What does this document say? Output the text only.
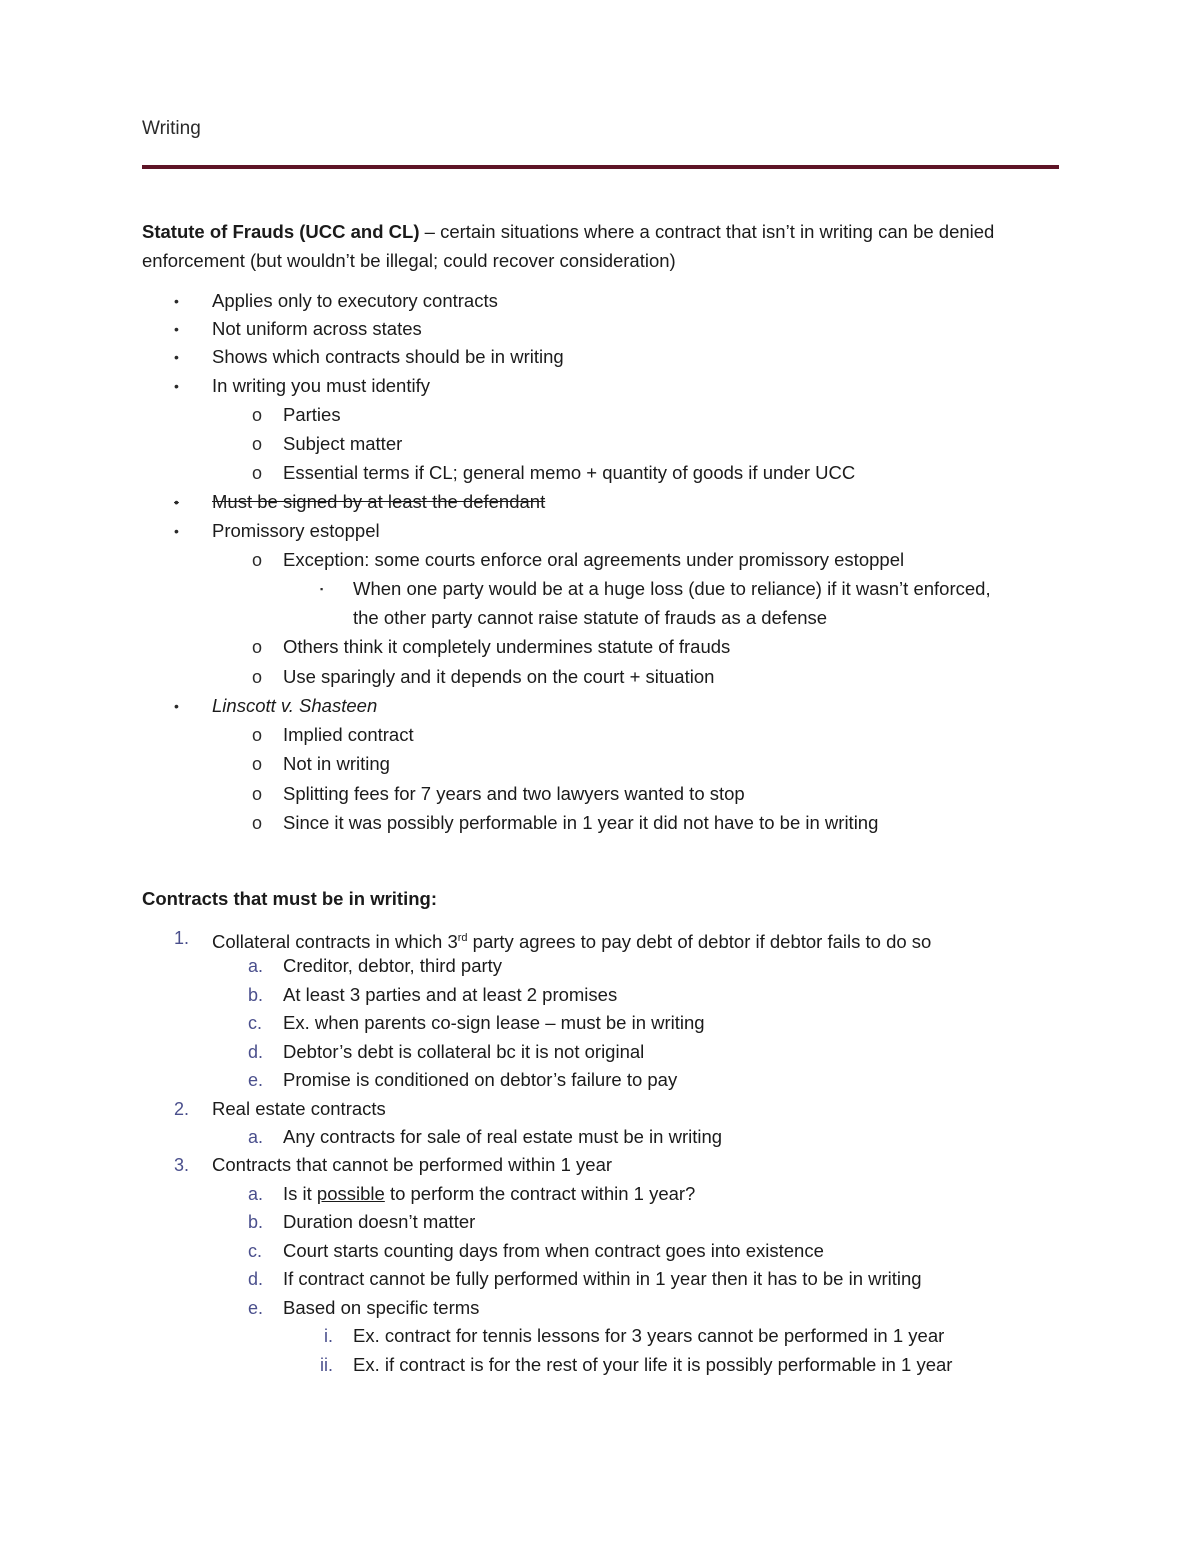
Writing
Statute of Frauds (UCC and CL) – certain situations where a contract that isn’t in writing can be denied
enforcement (but wouldn’t be illegal; could recover consideration)
• Applies only to executory contracts
• Not uniform across states
• Shows which contracts should be in writing
• In writing you must identify
o Parties
o Subject matter
o Essential terms if CL; general memo + quantity of goods if under UCC
• Must be signed by at least the defendant
• Promissory estoppel
o Exception: some courts enforce oral agreements under promissory estoppel
▪ When one party would be at a huge loss (due to reliance) if it wasn’t enforced,
the other party cannot raise statute of frauds as a defense
o Others think it completely undermines statute of frauds
o Use sparingly and it depends on the court + situation
• Linscott v. Shasteen
o Implied contract
o Not in writing
o Splitting fees for 7 years and two lawyers wanted to stop
o Since it was possibly performable in 1 year it did not have to be in writing
Contracts that must be in writing:
1. Collateral contracts in which 3rd party agrees to pay debt of debtor if debtor fails to do so
a. Creditor, debtor, third party
b. At least 3 parties and at least 2 promises
c. Ex. when parents co-sign lease – must be in writing
d. Debtor’s debt is collateral bc it is not original
e. Promise is conditioned on debtor’s failure to pay
2. Real estate contracts
a. Any contracts for sale of real estate must be in writing
3. Contracts that cannot be performed within 1 year
a. Is it possible to perform the contract within 1 year?
b. Duration doesn’t matter
c. Court starts counting days from when contract goes into existence
d. If contract cannot be fully performed within in 1 year then it has to be in writing
e. Based on specific terms
i. Ex. contract for tennis lessons for 3 years cannot be performed in 1 year
ii. Ex. if contract is for the rest of your life it is possibly performable in 1 year
